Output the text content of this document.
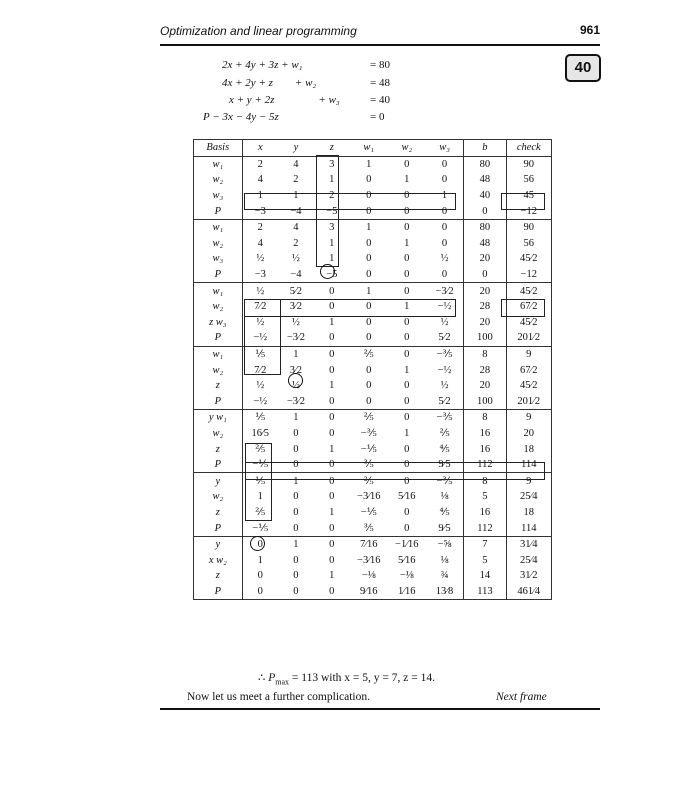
Optimization and linear programming	961
40
2x + 4y + 3z + w₁	= 80
4x + 2y + z  + w₂	= 48
x + y + 2z    + w₃	= 40
P − 3x − 4y − 5z	= 0
Basis	x	y	z	w₁	w₂	w₃	b	check
w₁	2	4	3	1	0	0	80	90
w₂	4	2	1	0	1	0	48	56
w₃	1	1	2	0	0	1	40	45
P	−3	−4	−5	0	0	0	0	−12
w₁	2	4	3	1	0	0	80	90
w₂	4	2	1	0	1	0	48	56
w₃	½	½	1	0	0	½	20	45⁄2
P	−3	−4	−5	0	0	0	0	−12
w₁	½	5⁄2	0	1	0	−3⁄2	20	45⁄2
w₂	7⁄2	3⁄2	0	0	1	−½	28	67⁄2
z w₃	½	½	1	0	0	½	20	45⁄2
P	−½	−3⁄2	0	0	0	5⁄2	100	201⁄2
w₁	⅕	1	0	⅖	0	−⅗	8	9
w₂	7⁄2	3⁄2	0	0	1	−½	28	67⁄2
z	½	½	1	0	0	½	20	45⁄2
P	−½	−3⁄2	0	0	0	5⁄2	100	201⁄2
y w₁	⅕	1	0	⅖	0	−⅗	8	9
w₂	16⁄5	0	0	−⅗	1	⅖	16	20
z	⅖	0	1	−⅕	0	⅘	16	18
P	−⅕	0	0	⅗	0	9⁄5	112	114
y	⅕	1	0	⅖	0	−⅗	8	9
w₂	1	0	0	−3⁄16	5⁄16	⅛	5	25⁄4
z	⅖	0	1	−⅕	0	⅘	16	18
P	−⅕	0	0	⅗	0	9⁄5	112	114
y	0	1	0	7⁄16	−1⁄16	−⅝	7	31⁄4
x w₂	1	0	0	−3⁄16	5⁄16	⅛	5	25⁄4
z	0	0	1	−⅛	−⅛	¾	14	31⁄2
P	0	0	0	9⁄16	1⁄16	13⁄8	113	461⁄4
∴ $P_{max} = 113$ with x = 5, y = 7, z = 14.
Now let us meet a further complication.	Next frame
